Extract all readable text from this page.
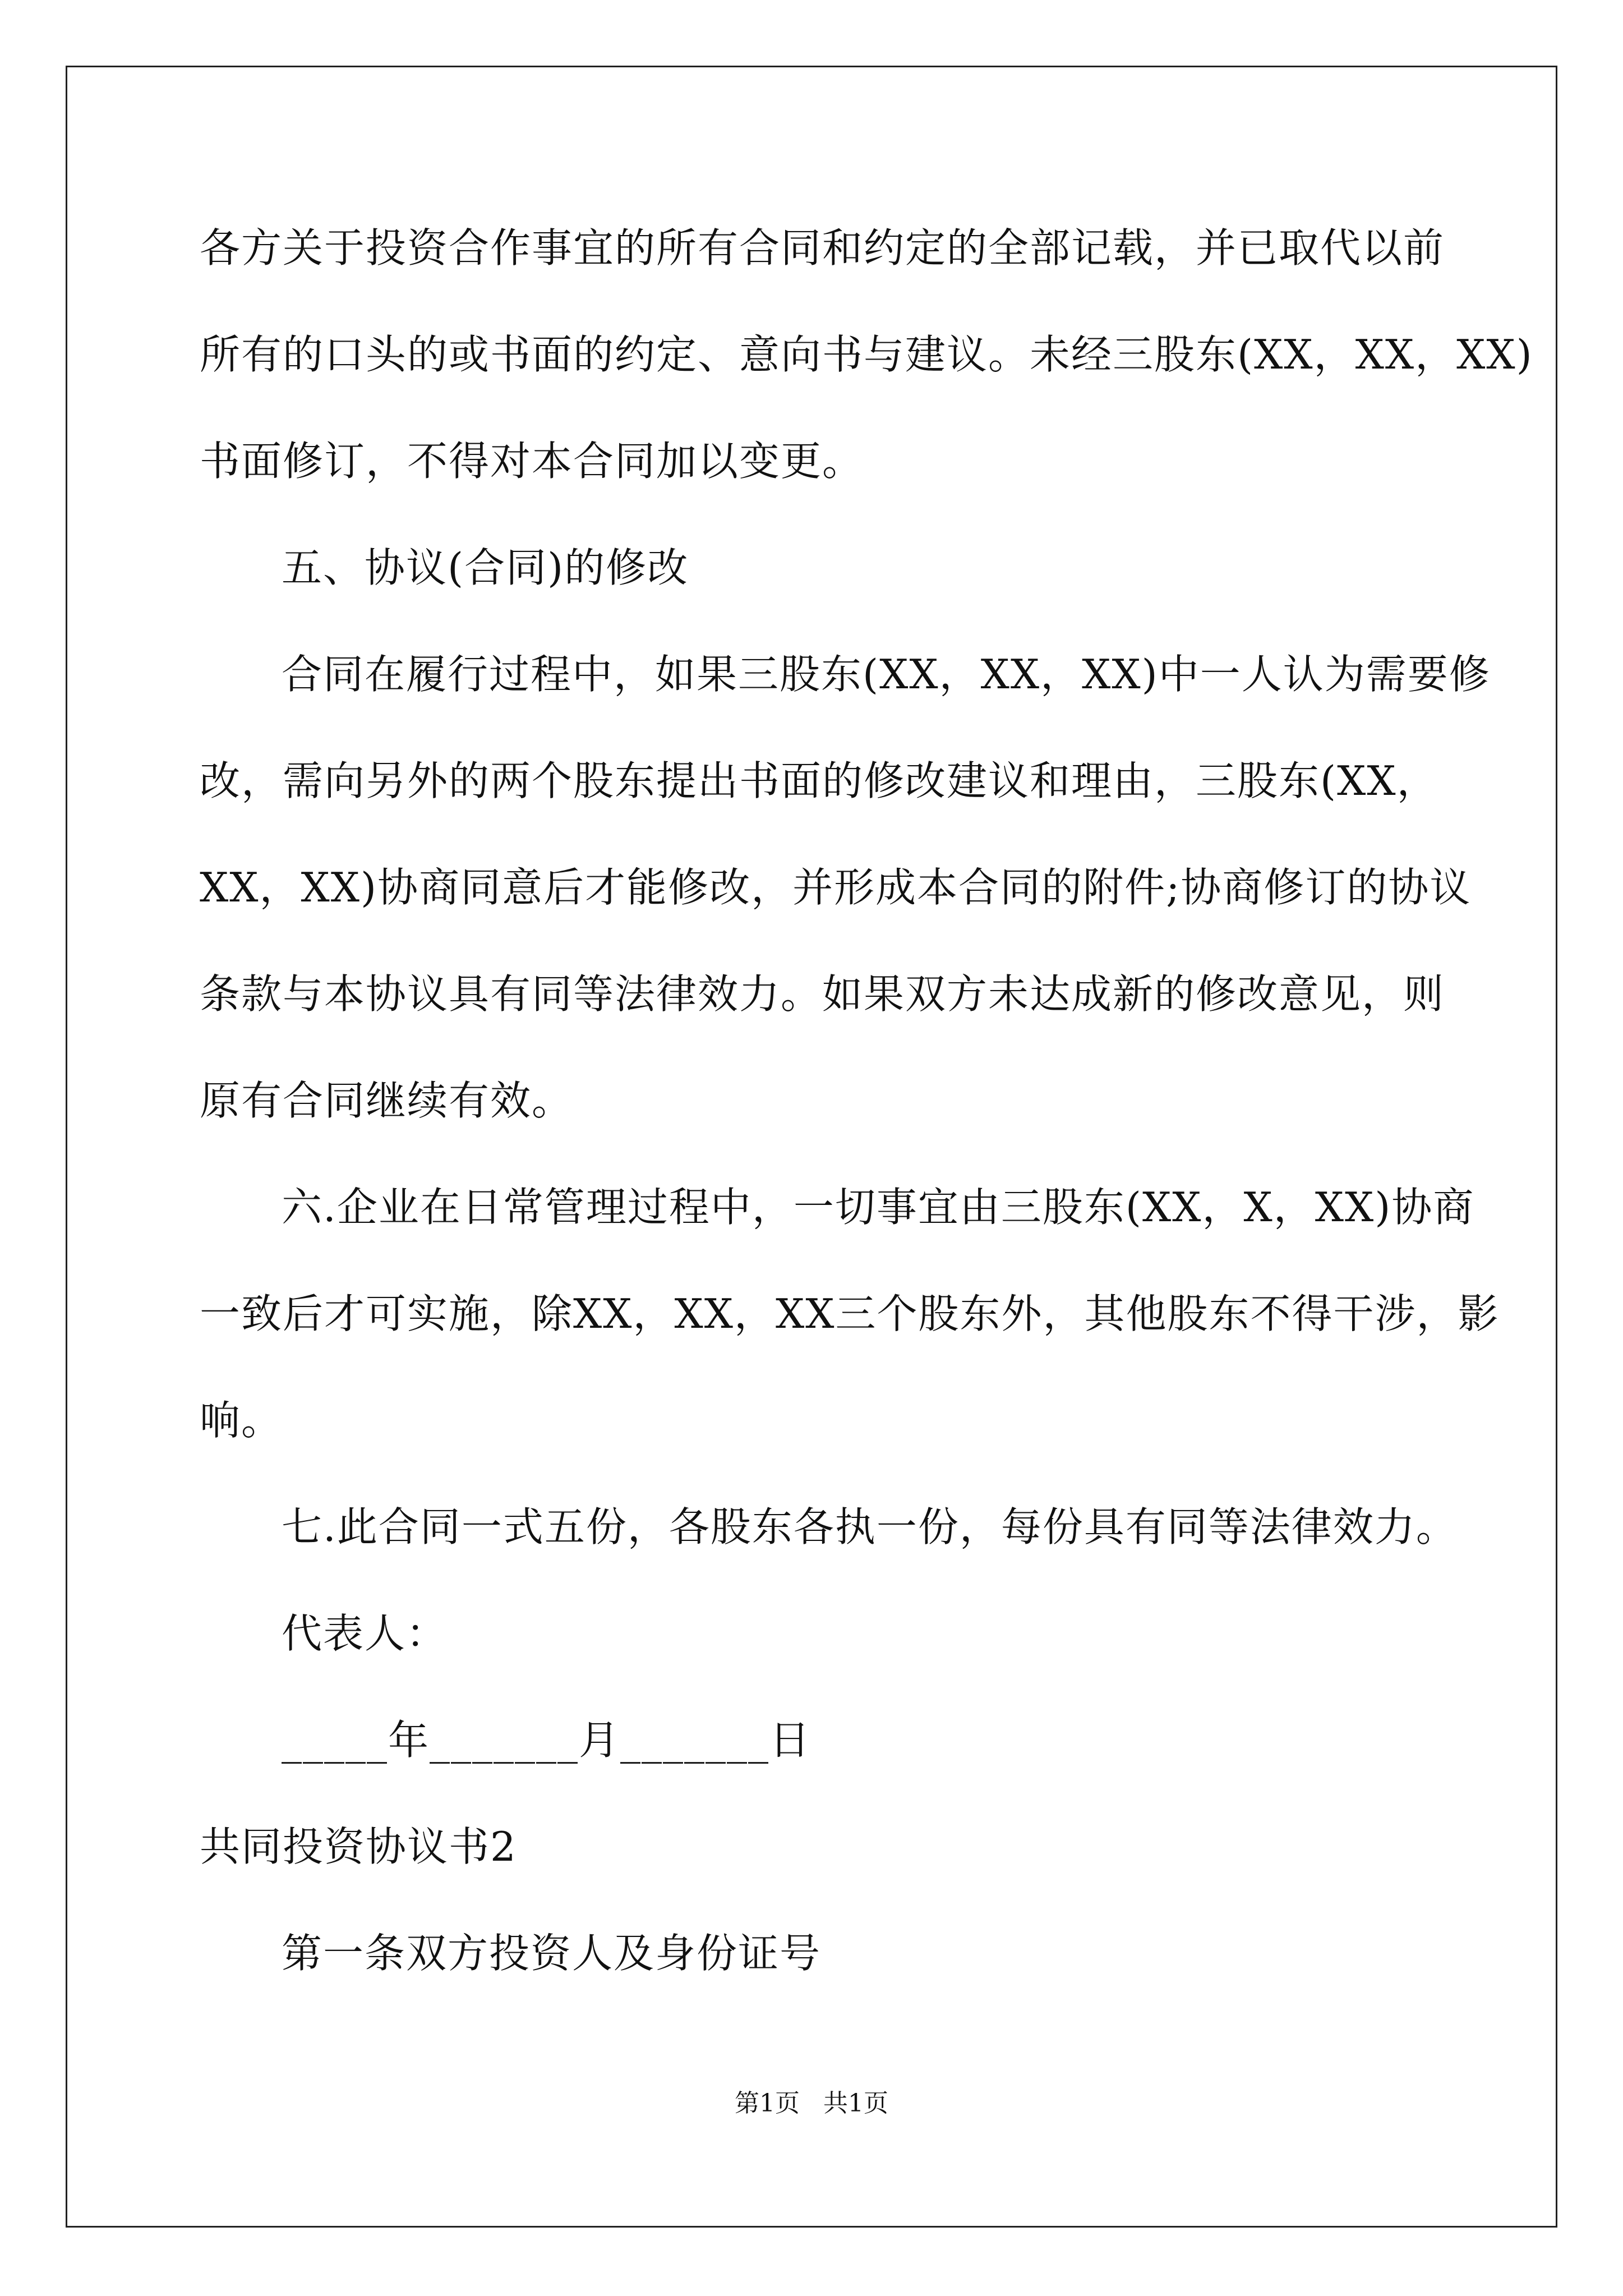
各方关于投资合作事宜的所有合同和约定的全部记载，并已取代以前
所有的口头的或书面的约定、意向书与建议。未经三股东(XX，XX，XX)
书面修订，不得对本合同加以变更。
五、协议(合同)的修改
合同在履行过程中，如果三股东(XX，XX，XX)中一人认为需要修
改，需向另外的两个股东提出书面的修改建议和理由，三股东(XX，
XX，XX)协商同意后才能修改，并形成本合同的附件;协商修订的协议
条款与本协议具有同等法律效力。如果双方未达成新的修改意见，则
原有合同继续有效。
六.企业在日常管理过程中，一切事宜由三股东(XX，X，XX)协商
一致后才可实施，除XX，XX，XX三个股东外，其他股东不得干涉，影
响。
七.此合同一式五份，各股东各执一份，每份具有同等法律效力。
代表人：
_____年_______月_______日
共同投资协议书2
第一条双方投资人及身份证号
第1页   共1页
